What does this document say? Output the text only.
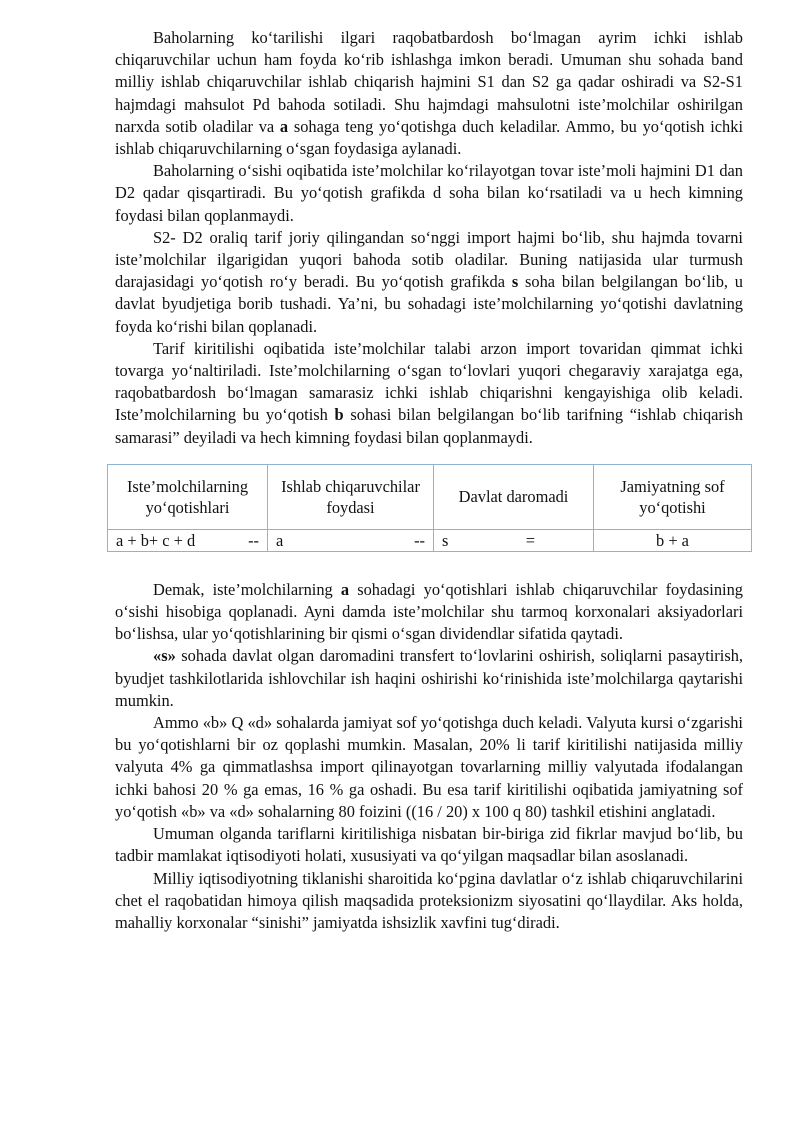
Baholarning ko‘tarilishi ilgari raqobatbardosh bo‘lmagan ayrim ichki ishlab chiqaruvchilar uchun ham foyda ko‘rib ishlashga imkon beradi. Umuman shu sohada band milliy ishlab chiqaruvchilar ishlab chiqarish hajmini S1 dan S2 ga qadar oshiradi va S2-S1 hajmdagi mahsulot Pd bahoda sotiladi. Shu hajmdagi mahsulotni iste’molchilar oshirilgan narxda sotib oladilar va a sohaga teng yo‘qotishga duch keladilar. Ammo, bu yo‘qotish ichki ishlab chiqaruvchilarning o‘sgan foydasiga aylanadi.

Baholarning o‘sishi oqibatida iste’molchilar ko‘rilayotgan tovar iste’moli hajmini D1 dan D2 qadar qisqartiradi. Bu yo‘qotish grafikda d soha bilan ko‘rsatiladi va u hech kimning foydasi bilan qoplanmaydi.

S2- D2 oraliq tarif joriy qilingandan so‘nggi import hajmi bo‘lib, shu hajmda tovarni iste’molchilar ilgarigidan yuqori bahoda sotib oladilar. Buning natijasida ular turmush darajasidagi yo‘qotish ro‘y beradi. Bu yo‘qotish grafikda s soha bilan belgilangan bo‘lib, u davlat byudjetiga borib tushadi. Ya’ni, bu sohadagi iste’molchilarning yo‘qotishi davlatning foyda ko‘rishi bilan qoplanadi.

Tarif kiritilishi oqibatida iste’molchilar talabi arzon import tovaridan qimmat ichki tovarga yo‘naltiriladi. Iste’molchilarning o‘sgan to‘lovlari yuqori chegaraviy xarajatga ega, raqobatbardosh bo‘lmagan samarasiz ichki ishlab chiqarishni kengayishiga olib keladi. Iste’molchilarning bu yo‘qotish b sohasi bilan belgilangan bo‘lib tarifning “ishlab chiqarish samarasi” deyiladi va hech kimning foydasi bilan qoplanmaydi.

Iste’molchilarning yo‘qotishlari	Ishlab chiqaruvchilar foydasi	Davlat daromadi	Jamiyatning sof yo‘qotishi

a + b+ c + d --	a --	s =	b + a

Demak, iste’molchilarning a sohadagi yo‘qotishlari ishlab chiqaruvchilar foydasining o‘sishi hisobiga qoplanadi. Ayni damda iste’molchilar shu tarmoq korxonalari aksiyadorlari bo‘lishsa, ular yo‘qotishlarining bir qismi o‘sgan dividendlar sifatida qaytadi.

«s» sohada davlat olgan daromadini transfert to‘lovlarini oshirish, soliqlarni pasaytirish, byudjet tashkilotlarida ishlovchilar ish haqini oshirishi ko‘rinishida iste’molchilarga qaytarishi mumkin.

Ammo «b» Q «d» sohalarda jamiyat sof yo‘qotishga duch keladi. Valyuta kursi o‘zgarishi bu yo‘qotishlarni bir oz qoplashi mumkin. Masalan, 20% li tarif kiritilishi natijasida milliy valyuta 4% ga qimmatlashsa import qilinayotgan tovarlarning milliy valyutada ifodalangan ichki bahosi 20 % ga emas, 16 % ga oshadi. Bu esa tarif kiritilishi oqibatida jamiyatning sof yo‘qotish «b» va «d» sohalarning 80 foizini ((16 / 20) x 100 q 80) tashkil etishini anglatadi.

Umuman olganda tariflarni kiritilishiga nisbatan bir-biriga zid fikrlar mavjud bo‘lib, bu tadbir mamlakat iqtisodiyoti holati, xususiyati va qo‘yilgan maqsadlar bilan asoslanadi.

Milliy iqtisodiyotning tiklanishi sharoitida ko‘pgina davlatlar o‘z ishlab chiqaruvchilarini chet el raqobatidan himoya qilish maqsadida proteksionizm siyosatini qo‘llaydilar. Aks holda, mahalliy korxonalar “sinishi” jamiyatda ishsizlik xavfini tug‘diradi.
